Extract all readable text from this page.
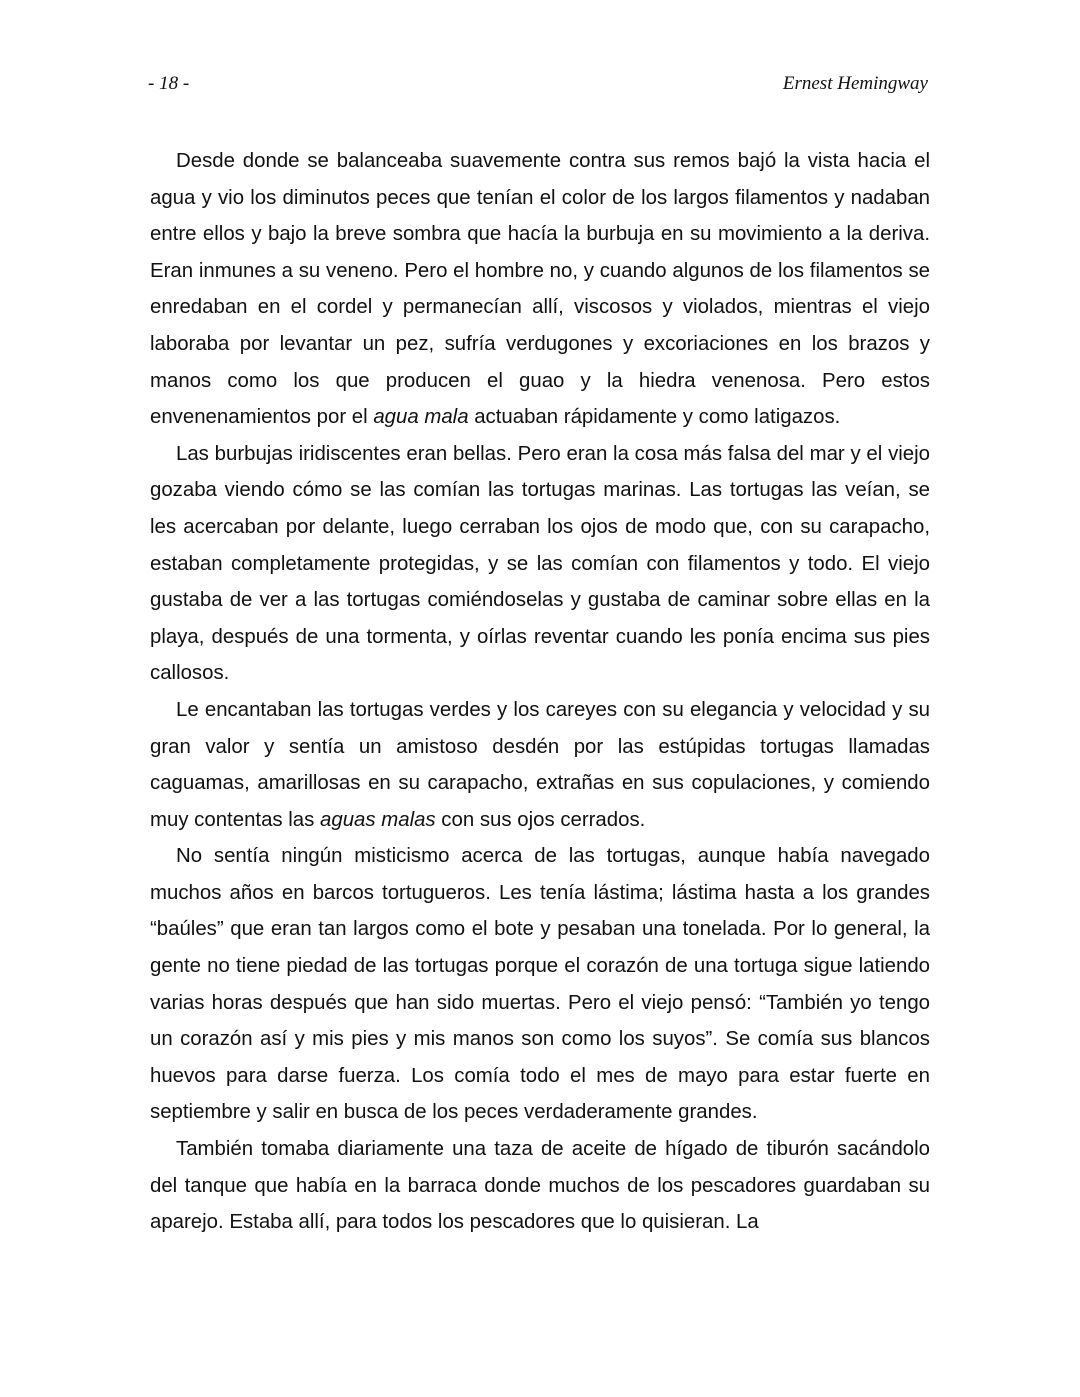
- 18 -	Ernest Hemingway

Desde donde se balanceaba suavemente contra sus remos bajó la vista hacia el agua y vio los diminutos peces que tenían el color de los largos filamentos y nadaban entre ellos y bajo la breve sombra que hacía la burbuja en su movimiento a la deriva. Eran inmunes a su veneno. Pero el hombre no, y cuando algunos de los filamentos se enredaban en el cordel y permanecían allí, viscosos y violados, mientras el viejo laboraba por levantar un pez, sufría verdugones y excoriaciones en los brazos y manos como los que producen el guao y la hiedra venenosa. Pero estos envenenamientos por el agua mala actuaban rápidamente y como latigazos.

Las burbujas iridiscentes eran bellas. Pero eran la cosa más falsa del mar y el viejo gozaba viendo cómo se las comían las tortugas marinas. Las tortugas las veían, se les acercaban por delante, luego cerraban los ojos de modo que, con su carapacho, estaban completamente protegidas, y se las comían con filamentos y todo. El viejo gustaba de ver a las tortugas comiéndoselas y gustaba de caminar sobre ellas en la playa, después de una tormenta, y oírlas reventar cuando les ponía encima sus pies callosos.

Le encantaban las tortugas verdes y los careyes con su elegancia y velocidad y su gran valor y sentía un amistoso desdén por las estúpidas tortugas llamadas caguamas, amarillosas en su carapacho, extrañas en sus copulaciones, y comiendo muy contentas las aguas malas con sus ojos cerrados.

No sentía ningún misticismo acerca de las tortugas, aunque había navegado muchos años en barcos tortugueros. Les tenía lástima; lástima hasta a los grandes “baúles” que eran tan largos como el bote y pesaban una tonelada. Por lo general, la gente no tiene piedad de las tortugas porque el corazón de una tortuga sigue latiendo varias horas después que han sido muertas. Pero el viejo pensó: “También yo tengo un corazón así y mis pies y mis manos son como los suyos”. Se comía sus blancos huevos para darse fuerza. Los comía todo el mes de mayo para estar fuerte en septiembre y salir en busca de los peces verdaderamente grandes.

También tomaba diariamente una taza de aceite de hígado de tiburón sacándolo del tanque que había en la barraca donde muchos de los pescadores guardaban su aparejo. Estaba allí, para todos los pescadores que lo quisieran. La
